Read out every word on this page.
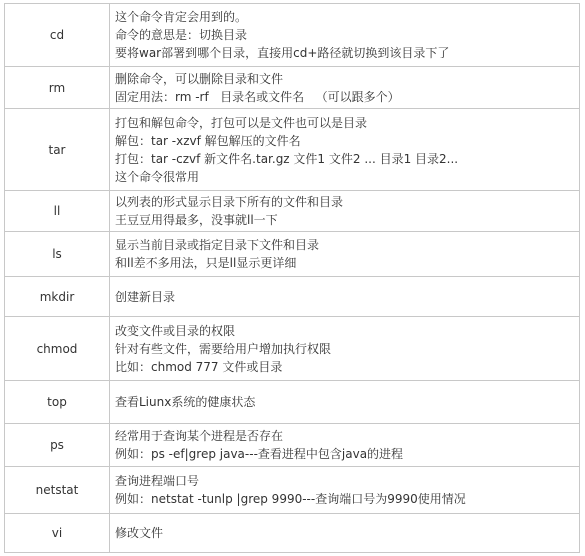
cd	这个命令肯定会用到的。
命令的意思是：切换目录
要将war部署到哪个目录，直接用cd+路径就切换到该目录下了

rm	删除命令，可以删除目录和文件
固定用法：rm -rf   目录名或文件名   （可以跟多个）

tar	打包和解包命令，打包可以是文件也可以是目录
解包：tar -xzvf 解包解压的文件名
打包：tar -czvf 新文件名.tar.gz 文件1 文件2 ... 目录1 目录2...
这个命令很常用

ll	以列表的形式显示目录下所有的文件和目录
王豆豆用得最多，没事就ll一下

ls	显示当前目录或指定目录下文件和目录
和ll差不多用法，只是ll显示更详细

mkdir	创建新目录

chmod	改变文件或目录的权限
针对有些文件，需要给用户增加执行权限
比如：chmod 777 文件或目录

top	查看Liunx系统的健康状态

ps	经常用于查询某个进程是否存在
例如：ps -ef|grep java---查看进程中包含java的进程

netstat	查询进程端口号
例如：netstat -tunlp |grep 9990---查询端口号为9990使用情况

vi	修改文件
